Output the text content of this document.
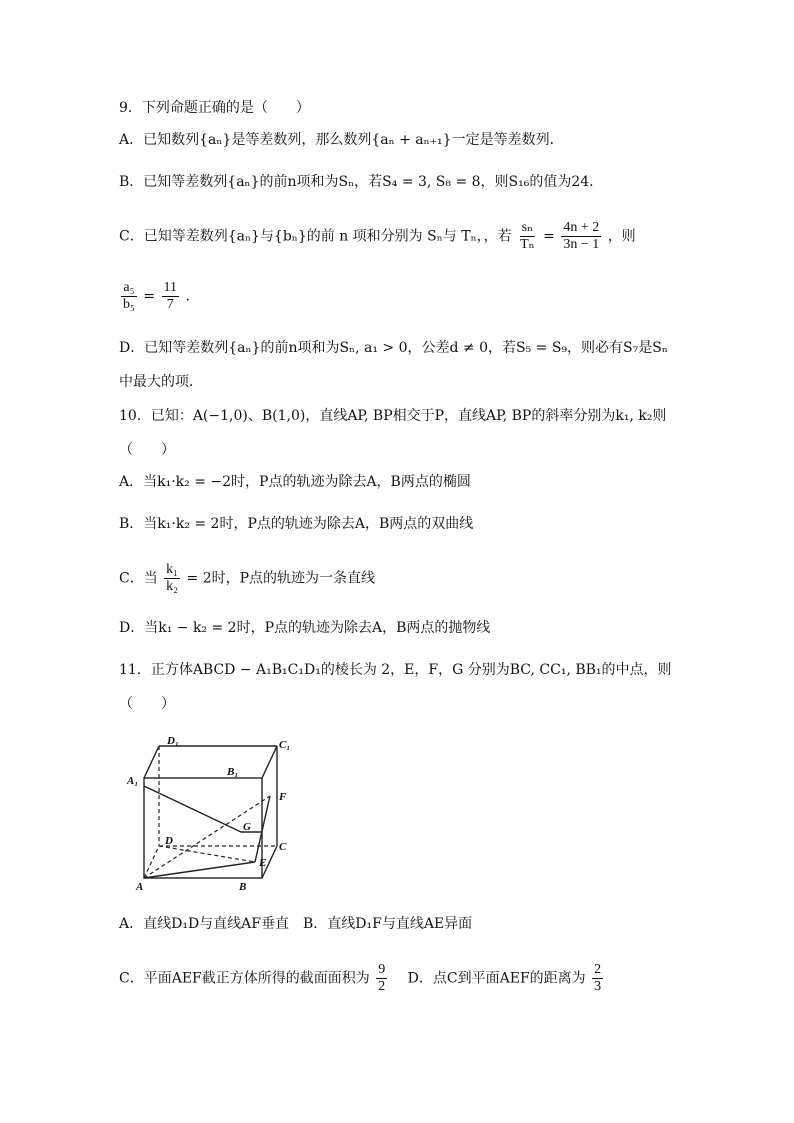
9．下列命题正确的是（　　）
A．已知数列{aₙ}是等差数列，那么数列{aₙ + aₙ₊₁}一定是等差数列．
B．已知等差数列{aₙ}的前n项和为Sₙ，若S₄ = 3, S₈ = 8，则S₁₆的值为24．
C．已知等差数列{aₙ}与{bₙ}的前 n 项和分别为 Sₙ与 Tₙ，，若 $\frac{\text{sₙ}}{\text{Tₙ}} = \frac{4n + 2}{3n - 1}$ ，则
$\frac{\text{a₅}}{\text{b₅}} = \frac{11}{7}$ ．
D．已知等差数列{aₙ}的前n项和为Sₙ, a₁ > 0，公差d ≠ 0，若S₅ = S₉，则必有S₇是Sₙ
中最大的项．
10．已知：A(−1,0)、B(1,0)，直线AP, BP相交于P，直线AP, BP的斜率分别为k₁, k₂则
（　　）
A．当k₁·k₂ = −2时，P点的轨迹为除去A，B两点的椭圆
B．当k₁·k₂ = 2时，P点的轨迹为除去A，B两点的双曲线
C．当 $\frac{\text{k₁}}{\text{k₂}} = 2$时，P点的轨迹为一条直线
D．当k₁ − k₂ = 2时，P点的轨迹为除去A，B两点的抛物线
11．正方体ABCD − A₁B₁C₁D₁的棱长为 2，E，F，G 分别为BC, CC₁, BB₁的中点，则
（　　）
D₁	C₁
A₁
B₁
F
G
D	C
E
A	B
A．直线D₁D与直线AF垂直　B．直线D₁F与直线AE异面
C．平面AEF截正方体所得的截面面积为 $\frac{9}{2}$ 　D．点C到平面AEF的距离为 $\frac{2}{3}$
